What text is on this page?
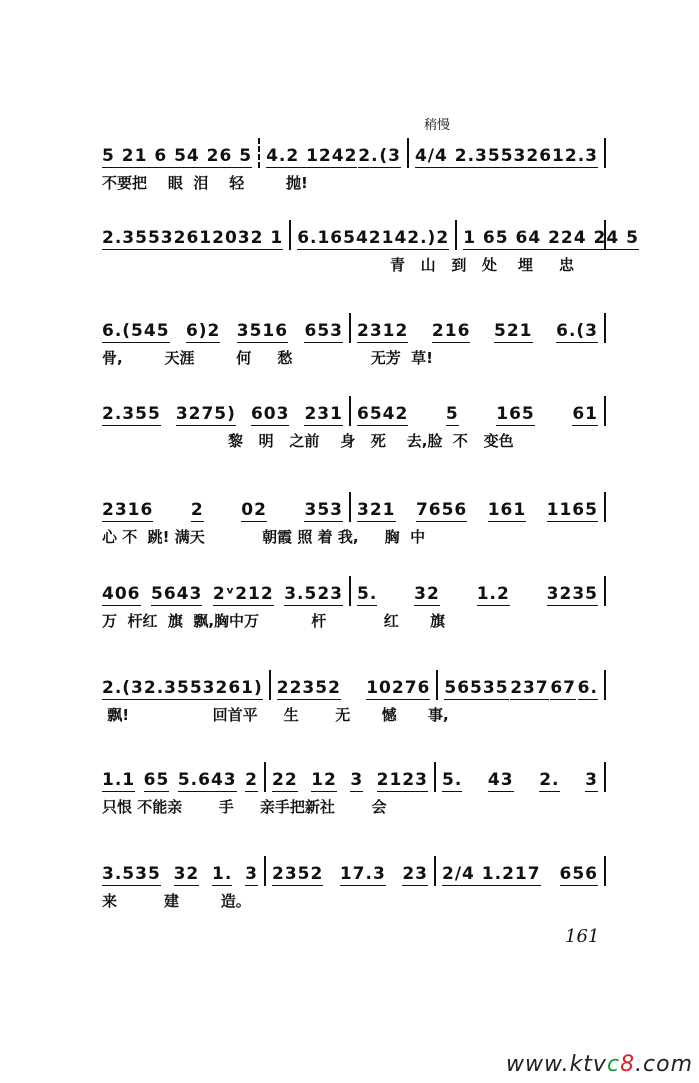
稍慢
5 2 1 6 5 4 2 6 5 4.2 1242 2. (3 4/4 2.355 3261 2. 3
不要把    眼  泪    轻        抛!
2.355 3261 203 2 1 6.16542142.) 2 1 6 5 6 4 2 2 4 2 4 5
青   山   到   处    埋     忠
6.(545 6)2 3516 653 2312 216 521 6.(3
骨,        天涯        何     愁               无芳  草!
2.355 3275) 603 231 6542 5 165 61
黎   明   之前    身   死    去,脸  不   变色
2316 2 02 353 321 7656 161 1165
心 不  跳! 满天           朝霞 照 着 我,     胸  中
406 5643 2ᵛ212 3.523 5. 32 1.2 3235
万  杆红  旗  飘,胸中万          杆           红      旗
2.(3 2.3553261) 22352 10276 56535 237 67 6.
飘!                回首平     生       无      憾      事,
1.1 65 5.643 2 22 12 3 2123 5. 43 2. 3
只恨 不能亲       手     亲手把新社       会
3.535 32 1. 3 2352 17.3 23 2/4 1.217 656
来         建        造。
161
www.ktvc8.com
